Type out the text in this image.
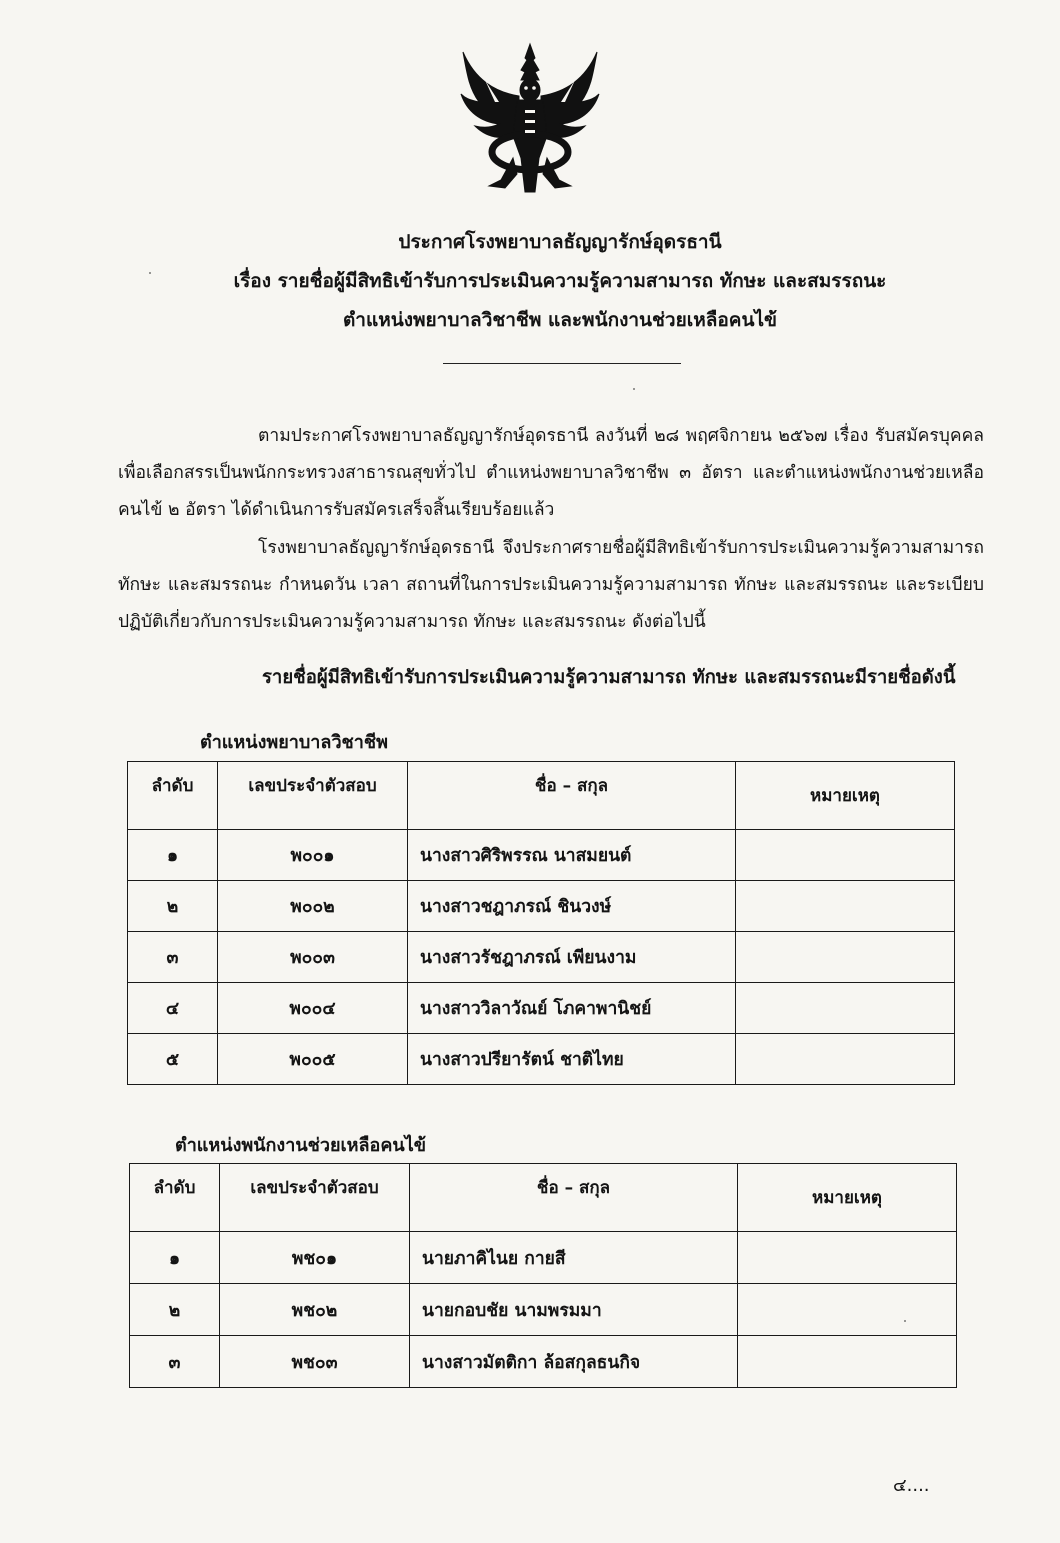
ประกาศโรงพยาบาลธัญญารักษ์อุดรธานี
เรื่อง รายชื่อผู้มีสิทธิเข้ารับการประเมินความรู้ความสามารถ ทักษะ และสมรรถนะ
ตำแหน่งพยาบาลวิชาชีพ และพนักงานช่วยเหลือคนไข้

ตามประกาศโรงพยาบาลธัญญารักษ์อุดรธานี ลงวันที่ ๒๘ พฤศจิกายน ๒๕๖๗ เรื่อง รับสมัครบุคคลเพื่อเลือกสรรเป็นพนักกระทรวงสาธารณสุขทั่วไป ตำแหน่งพยาบาลวิชาชีพ ๓ อัตรา และตำแหน่งพนักงานช่วยเหลือคนไข้ ๒ อัตรา ได้ดำเนินการรับสมัครเสร็จสิ้นเรียบร้อยแล้ว

โรงพยาบาลธัญญารักษ์อุดรธานี จึงประกาศรายชื่อผู้มีสิทธิเข้ารับการประเมินความรู้ความสามารถ ทักษะ และสมรรถนะ กำหนดวัน เวลา สถานที่ในการประเมินความรู้ความสามารถ ทักษะ และสมรรถนะ และระเบียบปฏิบัติเกี่ยวกับการประเมินความรู้ความสามารถ ทักษะ และสมรรถนะ ดังต่อไปนี้

รายชื่อผู้มีสิทธิเข้ารับการประเมินความรู้ความสามารถ ทักษะ และสมรรถนะมีรายชื่อดังนี้
ตำแหน่งพยาบาลวิชาชีพ
ลำดับ	เลขประจำตัวสอบ	ชื่อ – สกุล	หมายเหตุ
๑	พ๐๐๑	นางสาวศิริพรรณ นาสมยนต์	
๒	พ๐๐๒	นางสาวชฎาภรณ์ ชินวงษ์	
๓	พ๐๐๓	นางสาวรัชฎาภรณ์ เพียนงาม	
๔	พ๐๐๔	นางสาววิลาวัณย์ โภคาพานิชย์	
๕	พ๐๐๕	นางสาวปรียารัตน์ ชาติไทย	
ตำแหน่งพนักงานช่วยเหลือคนไข้
ลำดับ	เลขประจำตัวสอบ	ชื่อ – สกุล	หมายเหตุ
๑	พช๐๑	นายภาคิไนย กายสี	
๒	พช๐๒	นายกอบชัย นามพรมมา	
๓	พช๐๓	นางสาวมัตติกา ล้อสกุลธนกิจ	
๔....
